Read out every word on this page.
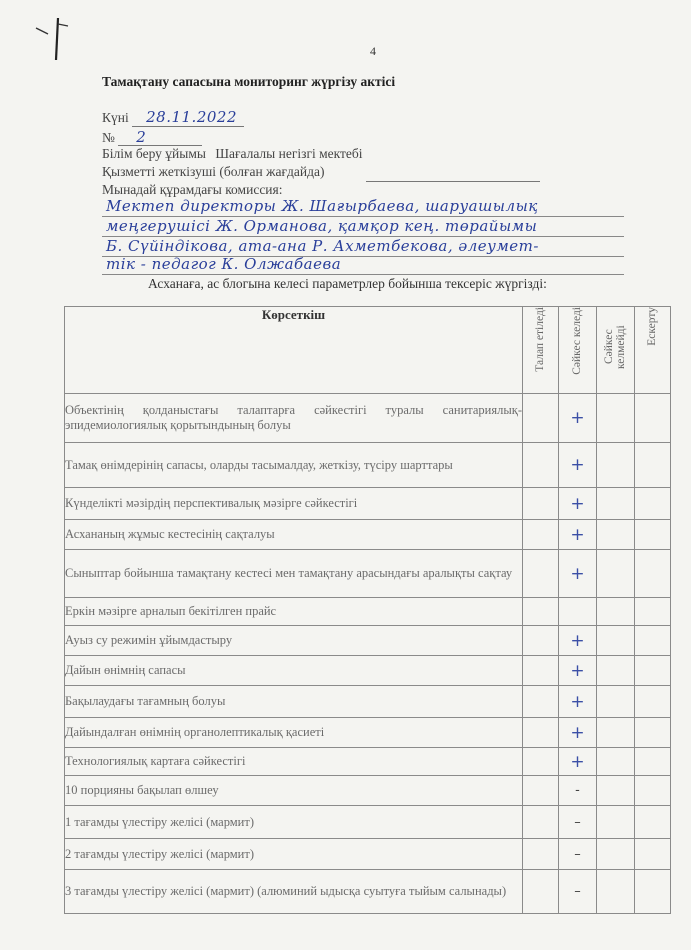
4
Тамақтану сапасына мониторинг жүргізу актісі
Күні 28.11.2022
№ 2
Білім беру ұйымы Шағалалы негізгі мектебі
Қызметті жеткізуші (болған жағдайда)
Мынадай құрамдағы комиссия:
Мектеп директоры Ж. Шағырбаева, шаруашылық
меңгерушісі Ж. Орманова, қамқор кең. төрайымы
Б. Сүйіндікова, ата-ана Р. Ахметбекова, әлеумет-
тік - педагог К. Олжабаева
Асханаға, ас блогына келесі параметрлер бойынша тексеріс жүргізді:
Көрсеткіш	Талап етіледі	Сәйкес келеді	Сәйкес келмейді	Ескерту

Объектінің қолданыстағы талаптарға сәйкестігі туралы санитариялық-эпидемиологиялық қорытындының болуы		+		
Тамақ өнімдерінің сапасы, оларды тасымалдау, жеткізу, түсіру шарттары		+		
Күнделікті мәзірдің перспективалық мәзірге сәйкестігі		+		
Асхананың жұмыс кестесінің сақталуы		+		
Сыныптар бойынша тамақтану кестесі мен тамақтану арасындағы аралықты сақтау		+		
Еркін мәзірге арналып бекітілген прайс				
Ауыз су режимін ұйымдастыру		+		
Дайын өнімнің сапасы		+		
Бақылаудағы тағамның болуы		+		
Дайындалған өнімнің органолептикалық қасиеті		+		
Технологиялық картаға сәйкестігі		+		
10 порцияны бақылап өлшеу		-		
1 тағамды үлестіру желісі (мармит)		–		
2 тағамды үлестіру желісі (мармит)		–		
3 тағамды үлестіру желісі (мармит) (алюминий ыдысқа суытуға тыйым салынады)		–		
